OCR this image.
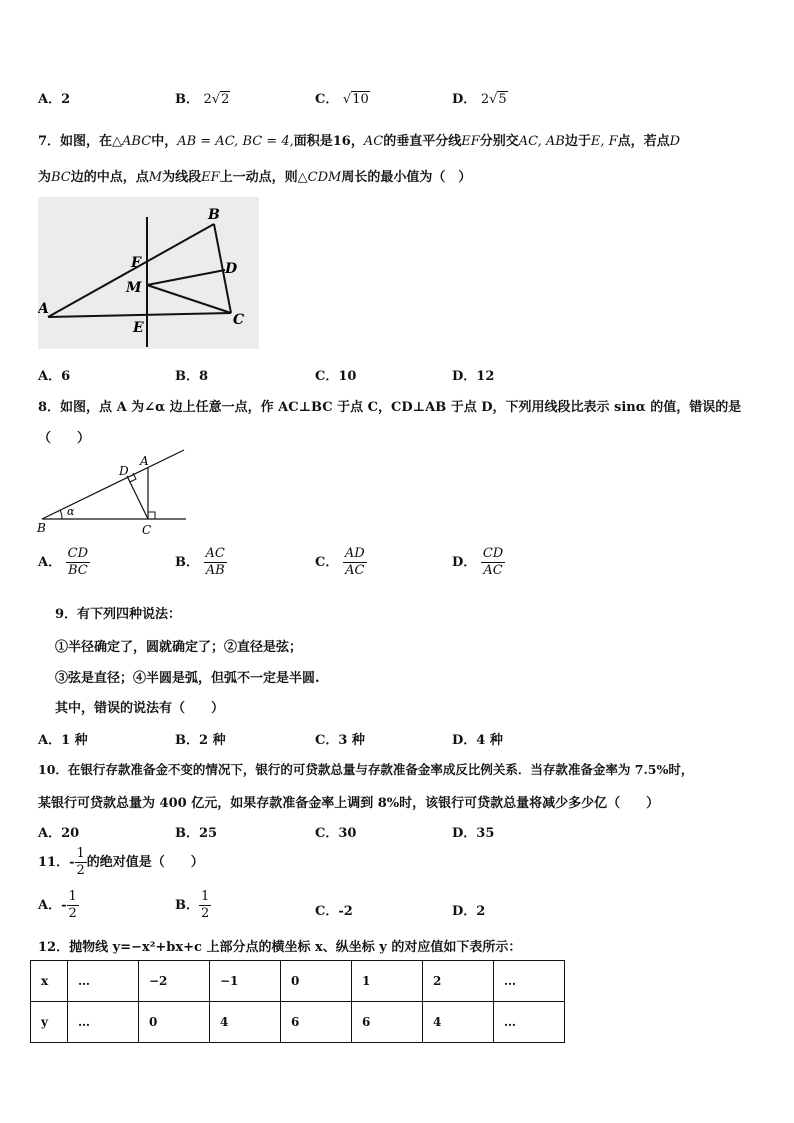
A．2	B． 2√2	C． √10	D． 2√5
7．如图，在△ABC中，AB = AC, BC = 4,面积是16，AC的垂直平分线EF分别交AC, AB边于E, F点，若点D
为BC边的中点，点M为线段EF上一动点，则△CDM周长的最小值为（　）
A
B
C
D
E
F
M
A．6	B．8	C．10	D．12
8．如图，点 A 为∠α 边上任意一点，作 AC⊥BC 于点 C，CD⊥AB 于点 D，下列用线段比表示 sinα 的值，错误的是
（　　）
B	C
A
D
α
A． $\frac{CD}{BC}$	B． $\frac{AC}{AB}$	C． $\frac{AD}{AC}$	D． $\frac{CD}{AC}$
9．有下列四种说法：
①半径确定了，圆就确定了；②直径是弦；
③弦是直径；④半圆是弧，但弧不一定是半圆.
其中，错误的说法有（　　）
A．1 种	B．2 种	C．3 种	D．4 种
10．在银行存款准备金不变的情况下，银行的可贷款总量与存款准备金率成反比例关系．当存款准备金率为 7.5%时，
某银行可贷款总量为 400 亿元，如果存款准备金率上调到 8%时，该银行可贷款总量将减少多少亿（　　）
A．20	B．25	C．30	D．35
11．- $\frac{1}{2}$ 的绝对值是（　　）
A．- $\frac{1}{2}$	B． $\frac{1}{2}$	C．-2	D．2
12．抛物线 y=−x²+bx+c 上部分点的横坐标 x、纵坐标 y 的对应值如下表所示：
x	…	−2	−1	0	1	2	…
y	…	0	4	6	6	4	…
